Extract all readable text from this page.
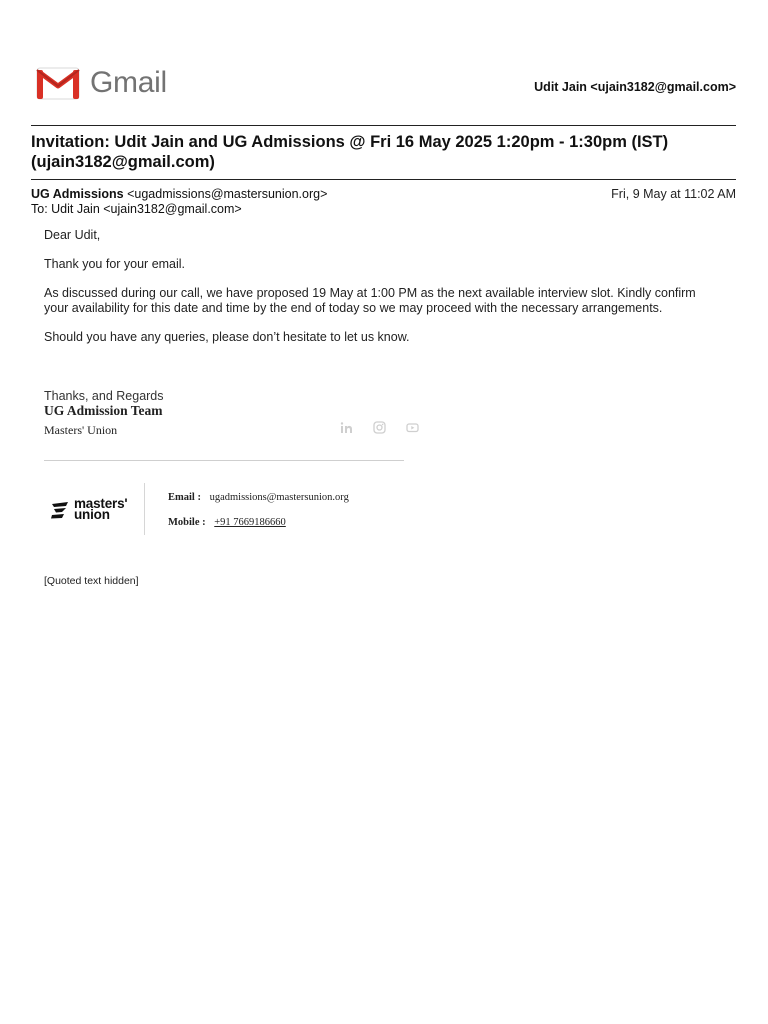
Gmail	Udit Jain <ujain3182@gmail.com>
Invitation: Udit Jain and UG Admissions @ Fri 16 May 2025 1:20pm - 1:30pm (IST) (ujain3182@gmail.com)
UG Admissions <ugadmissions@mastersunion.org>	Fri, 9 May at 11:02 AM
To: Udit Jain <ujain3182@gmail.com>

Dear Udit,

Thank you for your email.

As discussed during our call, we have proposed 19 May at 1:00 PM as the next available interview slot. Kindly confirm your availability for this date and time by the end of today so we may proceed with the necessary arrangements.

Should you have any queries, please don’t hesitate to let us know.

Thanks, and Regards
UG Admission Team
Masters' Union
masters'
union
Email : ugadmissions@mastersunion.org
Mobile : +91 7669186660
[Quoted text hidden]
